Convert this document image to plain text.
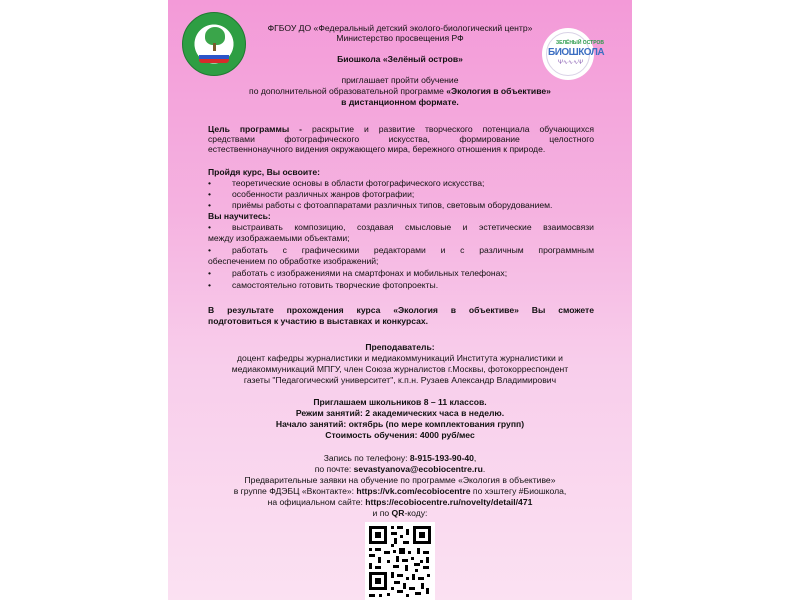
ЗЕЛЁНЫЙ ОСТРОВ
БИОШКОЛА
Ψ∿∿∿Ψ
ФГБОУ ДО «Федеральный детский эколого-биологический центр»
Министерство просвещения РФ
Биошкола «Зелёный остров»
приглашает пройти обучение
по дополнительной образовательной программе «Экология в объективе»
в дистанционном формате.
Цель программы - раскрытие и развитие творческого потенциала обучающихся
средствами фотографического искусства, формирование целостного
естественнонаучного видения окружающего мира, бережного отношения к природе.
Пройдя курс, Вы освоите:
• теоретические основы в области фотографического искусства;
• особенности различных жанров фотографии;
• приёмы работы с фотоаппаратами различных типов, световым оборудованием.
Вы научитесь:
• выстраивать композицию, создавая смысловые и эстетические взаимосвязи
между изображаемыми объектами;
• работать с графическими редакторами и с различным программным
обеспечением по обработке изображений;
• работать с изображениями на смартфонах и мобильных телефонах;
• самостоятельно готовить творческие фотопроекты.
В результате прохождения курса «Экология в объективе» Вы сможете
подготовиться к участию в выставках и конкурсах.
Преподаватель:
доцент кафедры журналистики и медиакоммуникаций Института журналистики и
медиакоммуникаций МПГУ, член Союза журналистов г.Москвы, фотокорреспондент
газеты "Педагогический университет", к.п.н. Рузаев Александр Владимирович
Приглашаем школьников 8 – 11 классов.
Режим занятий: 2 академических часа в неделю.
Начало занятий: октябрь (по мере комплектования групп)
Стоимость обучения: 4000 руб/мес
Запись по телефону: 8-915-193-90-40,
по почте: sevastyanova@ecobiocentre.ru.
Предварительные заявки на обучение по программе «Экология в объективе»
в группе ФДЭБЦ «Вконтакте»: https://vk.com/ecobiocentre по хэштегу #Биошкола,
на официальном сайте: https://ecobiocentre.ru/novelty/detail/471
и по QR-коду:
